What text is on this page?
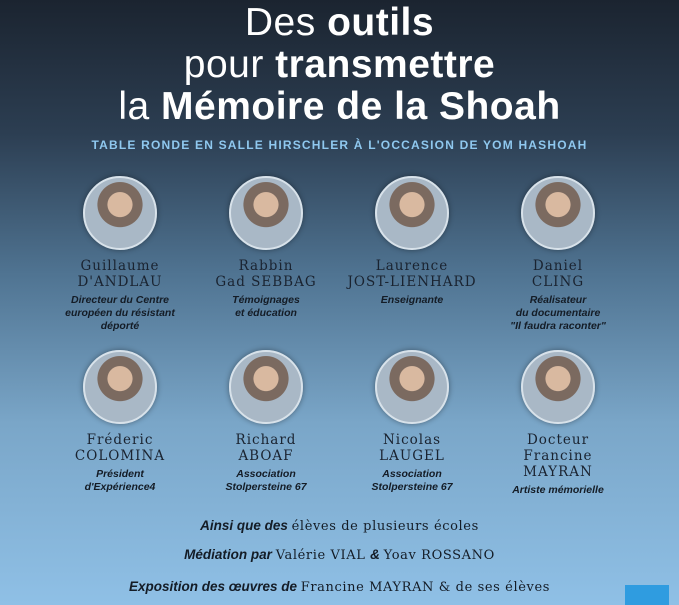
Des outils
pour transmettre
la Mémoire de la Shoah
TABLE RONDE EN SALLE HIRSCHLER À L'OCCASION DE YOM HASHOAH
Guillaume
D'ANDLAU
Directeur du Centre
européen du résistant
déporté
Rabbin
Gad SEBBAG
Témoignages
et éducation
Laurence
JOST-LIENHARD
Enseignante
Daniel
CLING
Réalisateur
du documentaire
"Il faudra raconter"
Fréderic
COLOMINA
Président
d'Expérience4
Richard
ABOAF
Association
Stolpersteine 67
Nicolas
LAUGEL
Association
Stolpersteine 67
Docteur
Francine
MAYRAN
Artiste mémorielle
Ainsi que des élèves de plusieurs écoles
Médiation par Valérie VIAL & Yoav ROSSANO
Exposition des œuvres de Francine MAYRAN & de ses élèves
